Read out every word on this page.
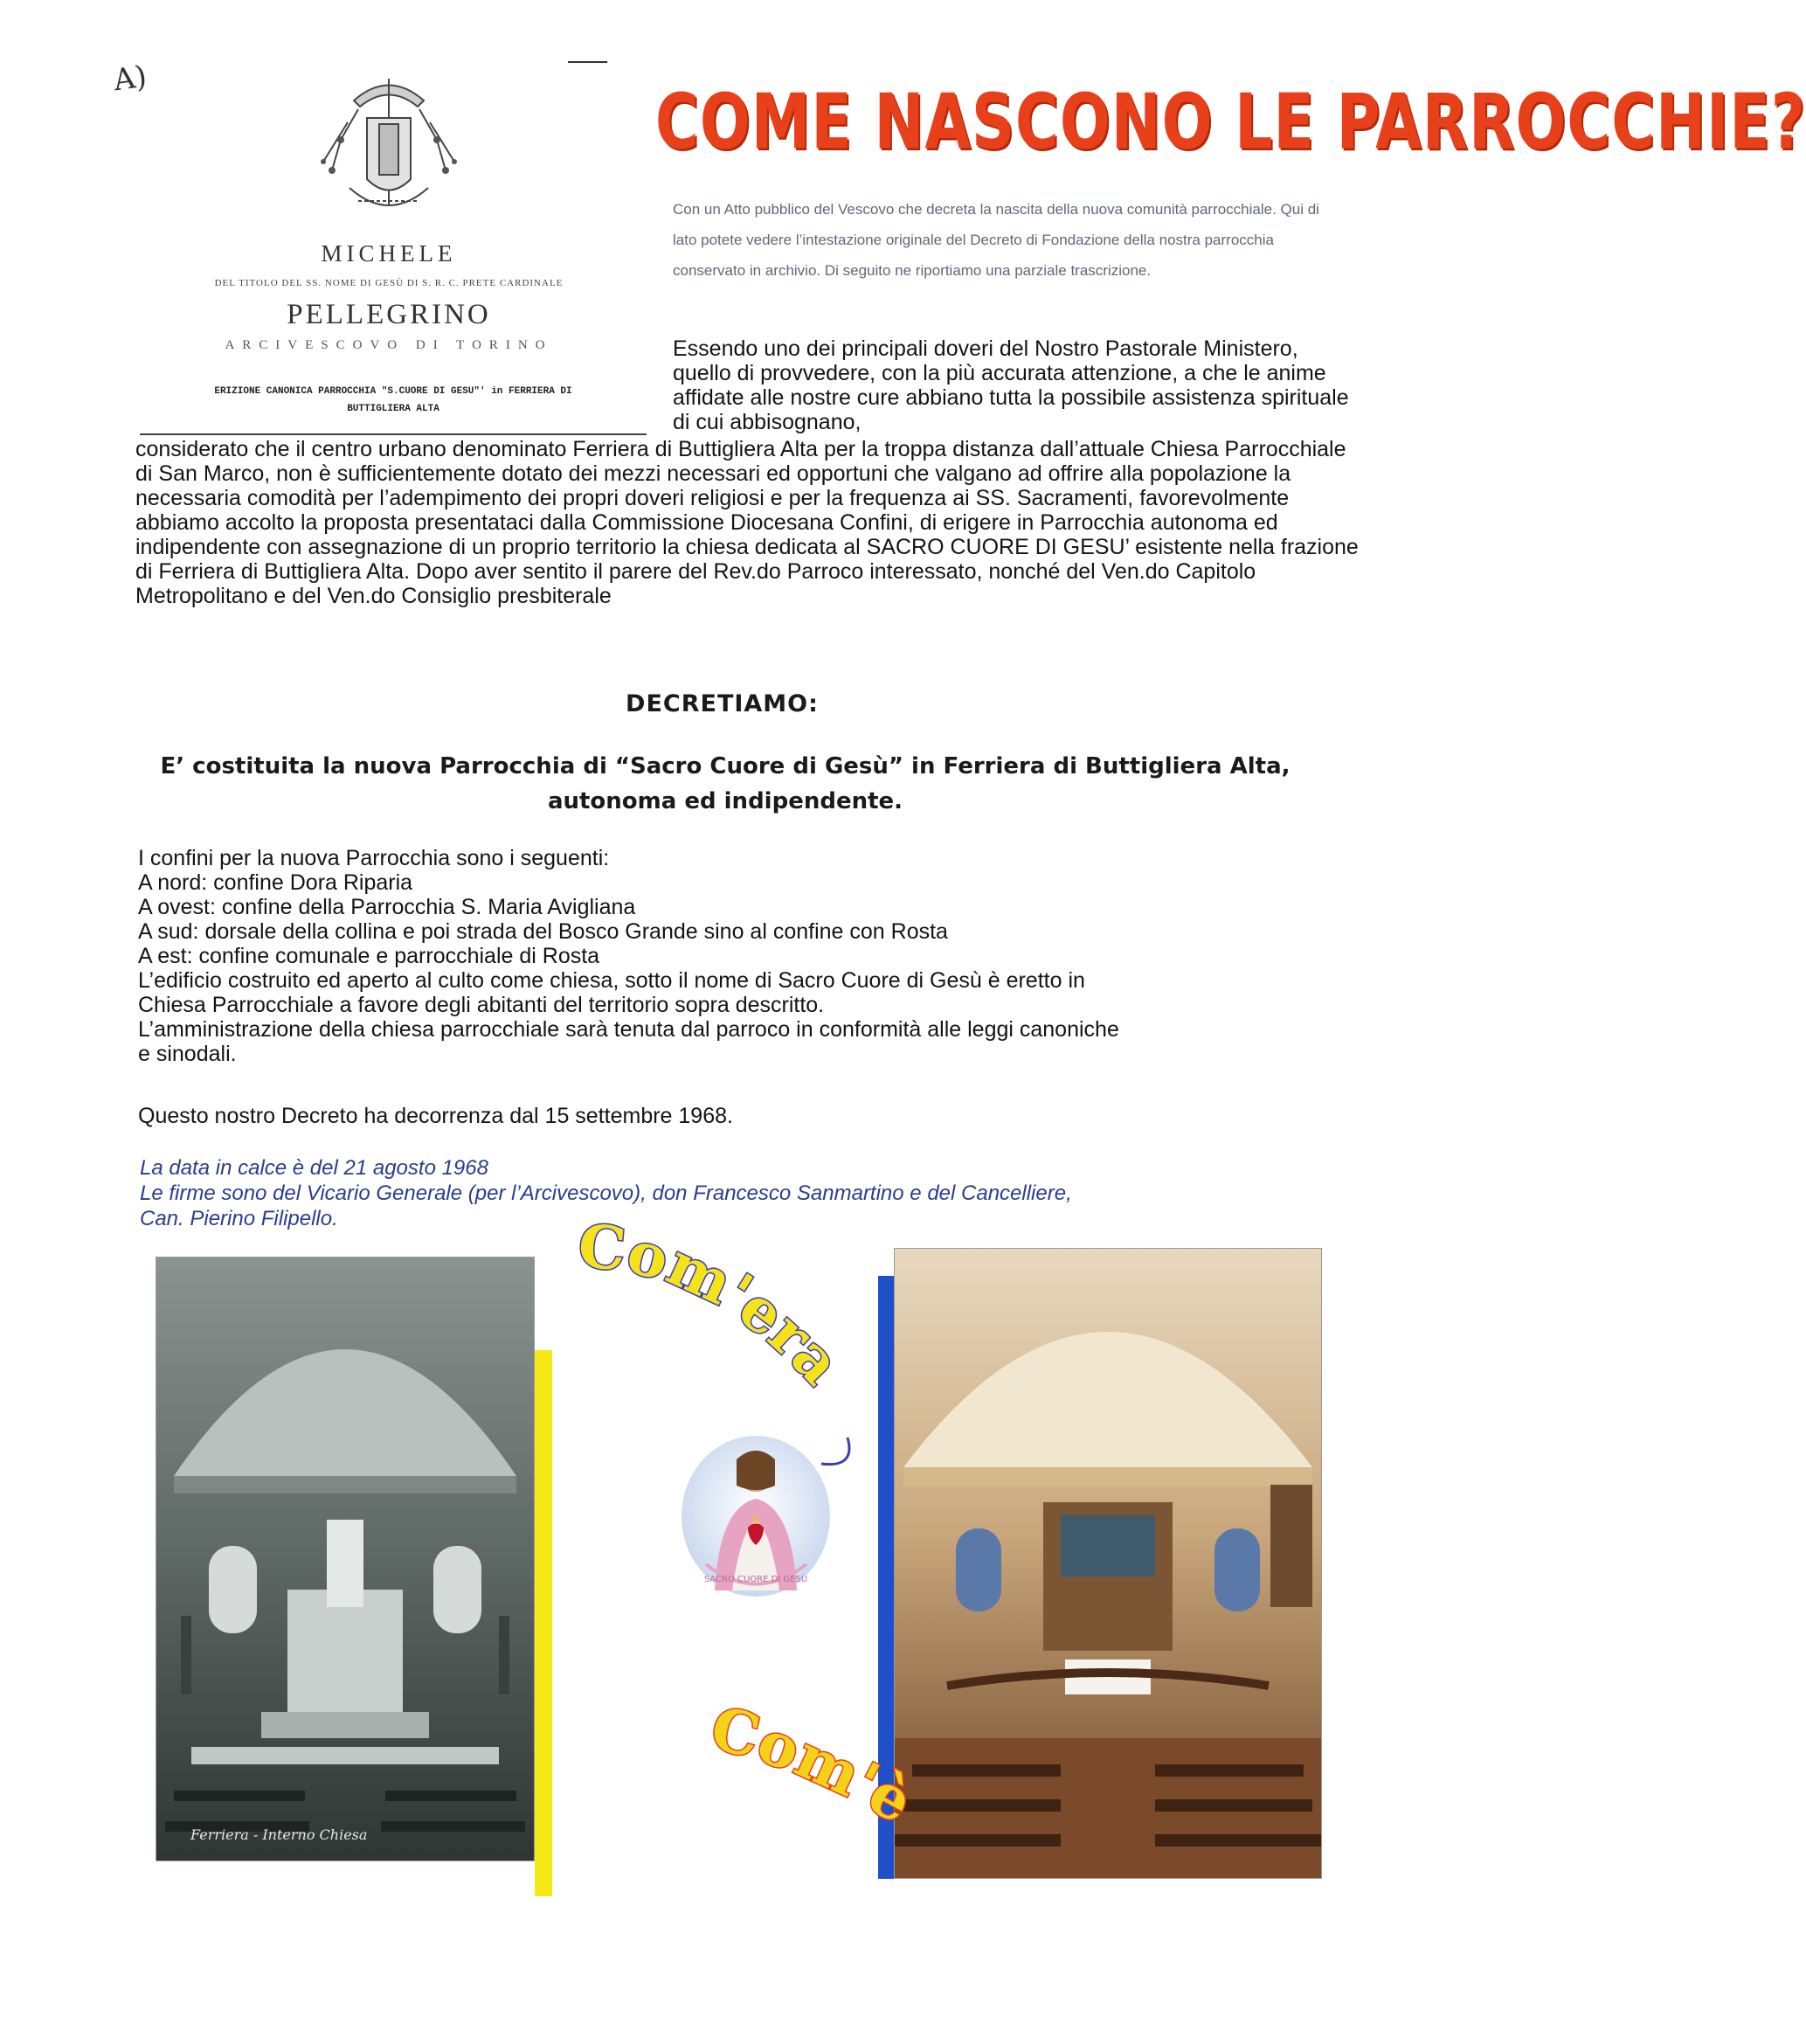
A)
MICHELE
DEL TITOLO DEL SS. NOME DI GESÙ DI S. R. C. PRETE CARDINALE
PELLEGRINO
ARCIVESCOVO DI TORINO
ERIZIONE CANONICA PARROCCHIA "S.CUORE DI GESU"' in FERRIERA DI
BUTTIGLIERA ALTA
COME NASCONO LE PARROCCHIE?
Con un Atto pubblico del Vescovo che decreta la nascita della nuova comunità parrocchiale. Qui di lato potete vedere l’intestazione originale del Decreto di Fondazione della nostra parrocchia conservato in archivio. Di seguito ne riportiamo una parziale trascrizione.
Essendo uno dei principali doveri del Nostro Pastorale Ministero, quello di provvedere, con la più accurata attenzione, a che le anime affidate alle nostre cure abbiano tutta la possibile assistenza spirituale di cui abbisognano,
considerato che il centro urbano denominato Ferriera di Buttigliera Alta per la troppa distanza dall’attuale Chiesa Parrocchiale di San Marco, non è sufficientemente dotato dei mezzi necessari ed opportuni che valgano ad offrire alla popolazione la necessaria comodità per l’adempimento dei propri doveri religiosi e per la frequenza ai SS. Sacramenti, favorevolmente abbiamo accolto la proposta presentataci dalla Commissione Diocesana Confini, di erigere in Parrocchia autonoma ed indipendente con assegnazione di un proprio territorio la chiesa dedicata al SACRO CUORE DI GESU’ esistente nella frazione di Ferriera di Buttigliera Alta. Dopo aver sentito il parere del Rev.do Parroco interessato, nonché del Ven.do Capitolo Metropolitano e del Ven.do Consiglio presbiterale
DECRETIAMO:
E’ costituita la nuova Parrocchia di “Sacro Cuore di Gesù” in Ferriera di Buttigliera Alta, autonoma ed indipendente.
I confini per la nuova Parrocchia sono i seguenti:
A nord: confine Dora Riparia
A ovest: confine della Parrocchia S. Maria Avigliana
A sud: dorsale della collina e poi strada del Bosco Grande sino al confine con Rosta
A est: confine comunale e parrocchiale di Rosta
L’edificio costruito ed aperto al culto come chiesa, sotto il nome di Sacro Cuore di Gesù è eretto in
Chiesa Parrocchiale a favore degli abitanti del territorio sopra descritto.
L’amministrazione della chiesa parrocchiale sarà tenuta dal parroco in conformità alle leggi canoniche
e sinodali.
Questo nostro Decreto ha decorrenza dal 15 settembre 1968.
La data in calce è del 21 agosto 1968
Le firme sono del Vicario Generale (per l’Arcivescovo), don Francesco Sanmartino e del Cancelliere,
Can. Pierino Filipello.
Ferriera - Interno Chiesa
Com'era
Com'è
SACRO CUORE DI GESÙ
